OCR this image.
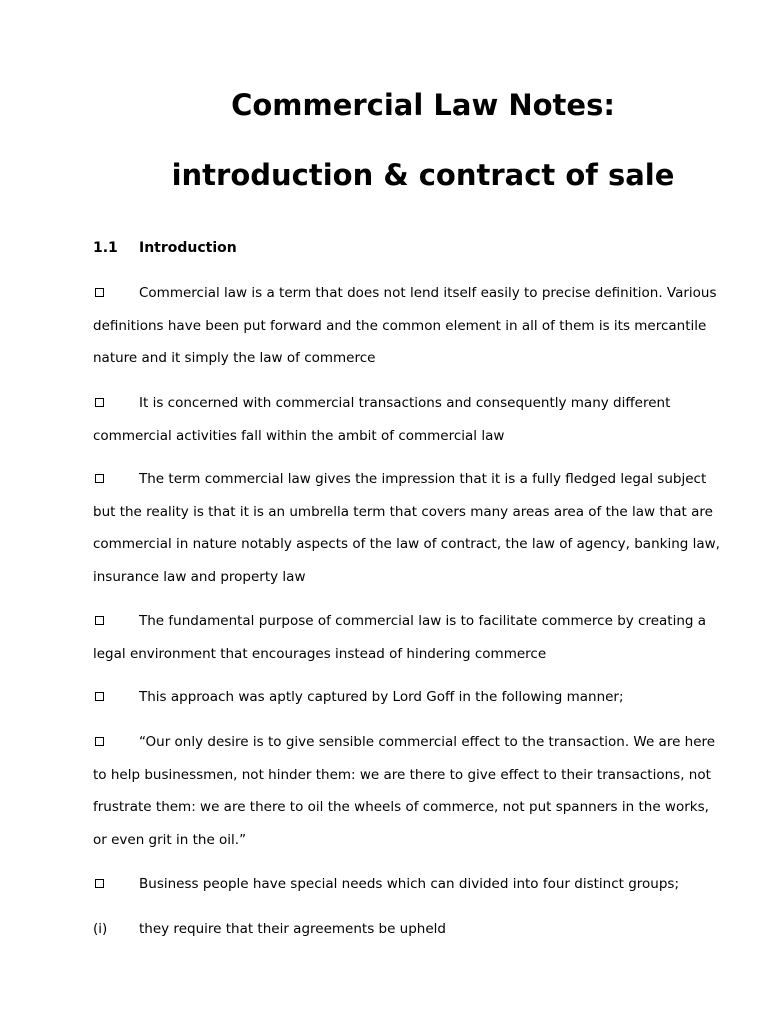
Commercial Law Notes:
introduction & contract of sale
1.1 Introduction
Commercial law is a term that does not lend itself easily to precise definition. Various
definitions have been put forward and the common element in all of them is its mercantile
nature and it simply the law of commerce
It is concerned with commercial transactions and consequently many different
commercial activities fall within the ambit of commercial law
The term commercial law gives the impression that it is a fully fledged legal subject
but the reality is that it is an umbrella term that covers many areas area of the law that are
commercial in nature notably aspects of the law of contract, the law of agency, banking law,
insurance law and property law
The fundamental purpose of commercial law is to facilitate commerce by creating a
legal environment that encourages instead of hindering commerce
This approach was aptly captured by Lord Goff in the following manner;
“Our only desire is to give sensible commercial effect to the transaction. We are here
to help businessmen, not hinder them: we are there to give effect to their transactions, not
frustrate them: we are there to oil the wheels of commerce, not put spanners in the works,
or even grit in the oil.”
Business people have special needs which can divided into four distinct groups;
(i) they require that their agreements be upheld
